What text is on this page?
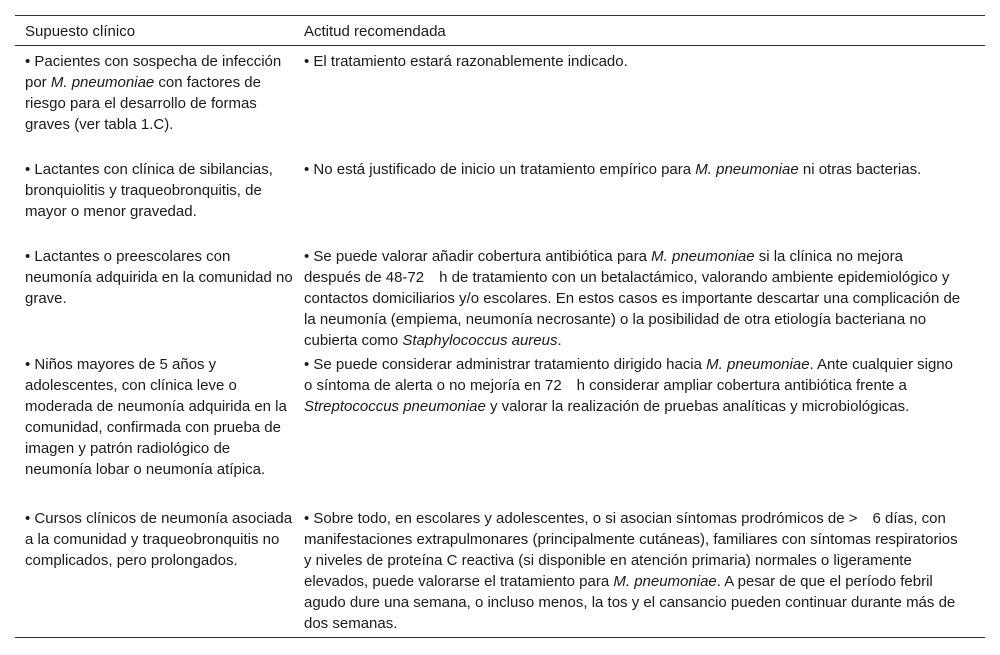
Supuesto clínico	Actitud recomendada
• Pacientes con sospecha de infección por M. pneumoniae con factores de riesgo para el desarrollo de formas graves (ver tabla 1.C).
• El tratamiento estará razonablemente indicado.
• Lactantes con clínica de sibilancias, bronquiolitis y traqueobronquitis, de mayor o menor gravedad.
• No está justificado de inicio un tratamiento empírico para M. pneumoniae ni otras bacterias.
• Lactantes o preescolares con neumonía adquirida en la comunidad no grave.
• Se puede valorar añadir cobertura antibiótica para M. pneumoniae si la clínica no mejora después de 48-72 h de tratamiento con un betalactámico, valorando ambiente epidemiológico y contactos domiciliarios y/o escolares. En estos casos es importante descartar una complicación de la neumonía (empiema, neumonía necrosante) o la posibilidad de otra etiología bacteriana no cubierta como Staphylococcus aureus.
• Niños mayores de 5 años y adolescentes, con clínica leve o moderada de neumonía adquirida en la comunidad, confirmada con prueba de imagen y patrón radiológico de neumonía lobar o neumonía atípica.
• Se puede considerar administrar tratamiento dirigido hacia M. pneumoniae. Ante cualquier signo o síntoma de alerta o no mejoría en 72 h considerar ampliar cobertura antibiótica frente a Streptococcus pneumoniae y valorar la realización de pruebas analíticas y microbiológicas.
• Cursos clínicos de neumonía asociada a la comunidad y traqueobronquitis no complicados, pero prolongados.
• Sobre todo, en escolares y adolescentes, o si asocian síntomas prodrómicos de > 6 días, con manifestaciones extrapulmonares (principalmente cutáneas), familiares con síntomas respiratorios y niveles de proteína C reactiva (si disponible en atención primaria) normales o ligeramente elevados, puede valorarse el tratamiento para M. pneumoniae. A pesar de que el período febril agudo dure una semana, o incluso menos, la tos y el cansancio pueden continuar durante más de dos semanas.
